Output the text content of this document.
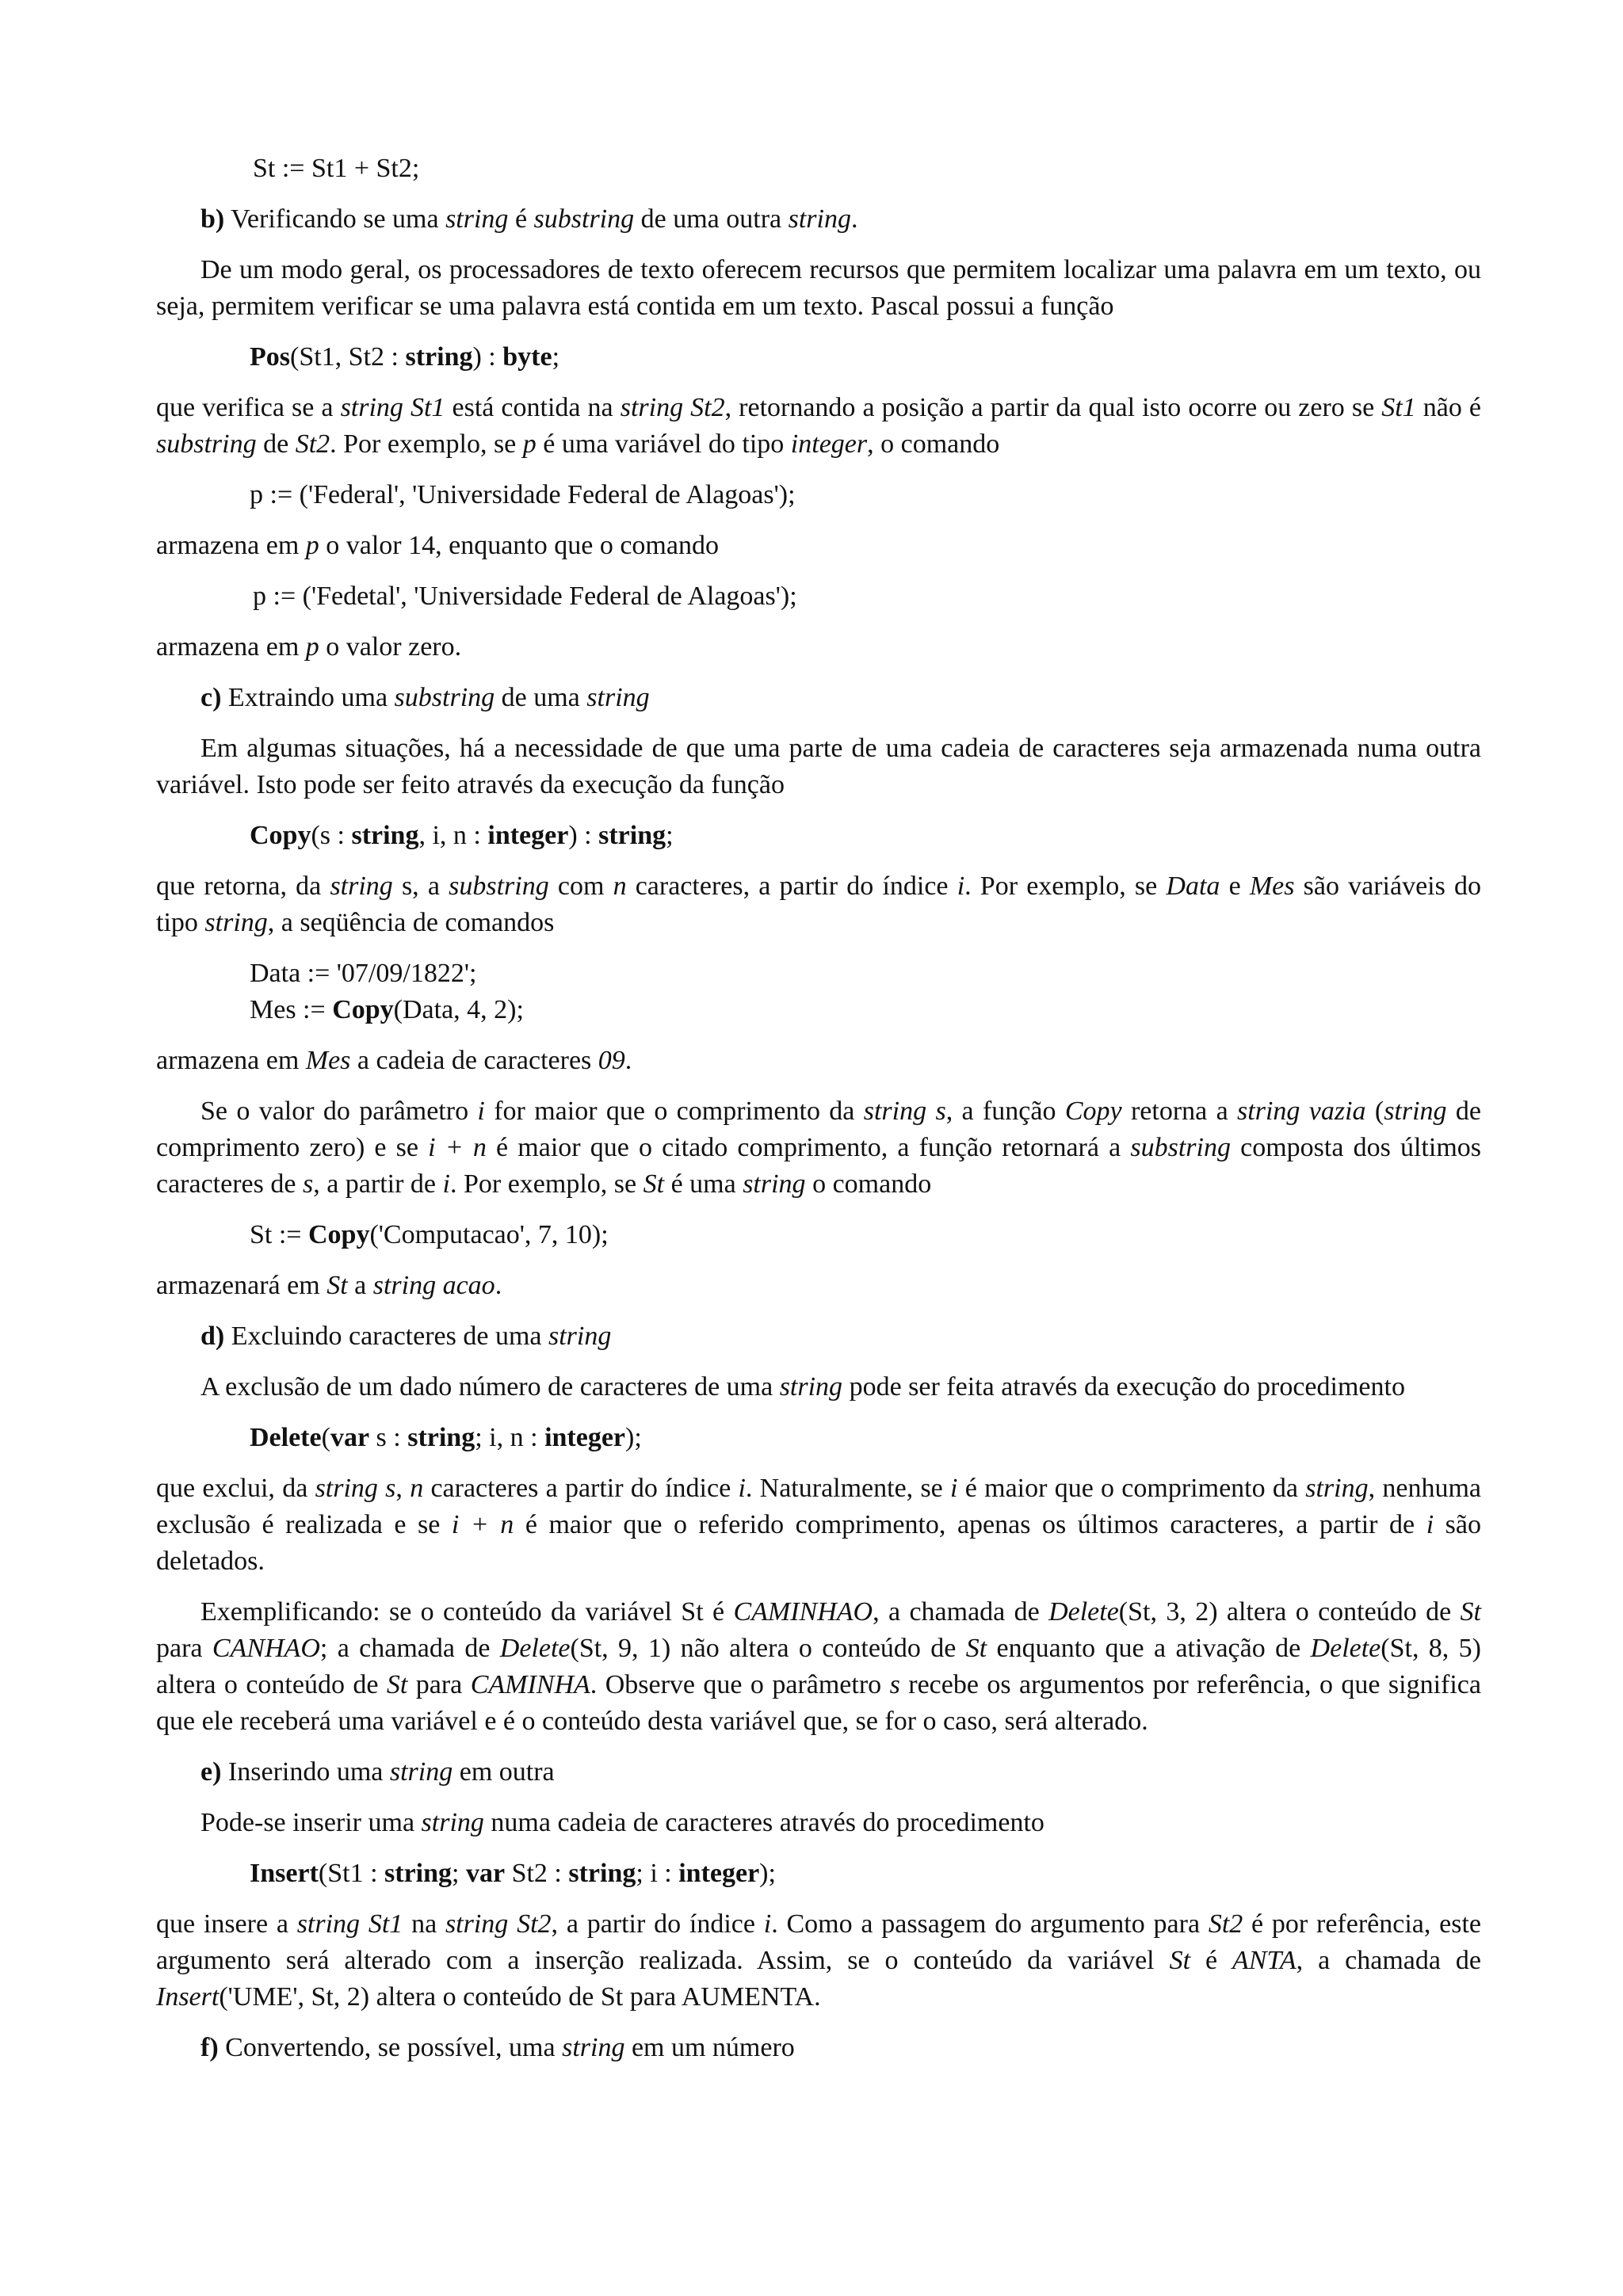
St := St1 + St2;

b) Verificando se uma string é substring de uma outra string.

De um modo geral, os processadores de texto oferecem recursos que permitem localizar uma palavra em um texto, ou seja, permitem verificar se uma palavra está contida em um texto. Pascal possui a função

Pos(St1, St2 : string) : byte;

que verifica se a string St1 está contida na string St2, retornando a posição a partir da qual isto ocorre ou zero se St1 não é substring de St2. Por exemplo, se p é uma variável do tipo integer, o comando

p := ('Federal', 'Universidade Federal de Alagoas');

armazena em p o valor 14, enquanto que o comando

p := ('Fedetal', 'Universidade Federal de Alagoas');

armazena em p o valor zero.

c) Extraindo uma substring de uma string

Em algumas situações, há a necessidade de que uma parte de uma cadeia de caracteres seja armazenada numa outra variável. Isto pode ser feito através da execução da função

Copy(s : string, i, n : integer) : string;

que retorna, da string s, a substring com n caracteres, a partir do índice i. Por exemplo, se Data e Mes são variáveis do tipo string, a seqüência de comandos

Data := '07/09/1822';

Mes := Copy(Data, 4, 2);

armazena em Mes a cadeia de caracteres 09.

Se o valor do parâmetro i for maior que o comprimento da string s, a função Copy retorna a string vazia (string de comprimento zero) e se i + n é maior que o citado comprimento, a função retornará a substring composta dos últimos caracteres de s, a partir de i. Por exemplo, se St é uma string o comando

St := Copy('Computacao', 7, 10);

armazenará em St a string acao.

d) Excluindo caracteres de uma string

A exclusão de um dado número de caracteres de uma string pode ser feita através da execução do procedimento

Delete(var s : string; i, n : integer);

que exclui, da string s, n caracteres a partir do índice i. Naturalmente, se i é maior que o comprimento da string, nenhuma exclusão é realizada e se i + n é maior que o referido comprimento, apenas os últimos caracteres, a partir de i são deletados.

Exemplificando: se o conteúdo da variável St é CAMINHAO, a chamada de Delete(St, 3, 2) altera o conteúdo de St para CANHAO; a chamada de Delete(St, 9, 1) não altera o conteúdo de St enquanto que a ativação de Delete(St, 8, 5) altera o conteúdo de St para CAMINHA. Observe que o parâmetro s recebe os argumentos por referência, o que significa que ele receberá uma variável e é o conteúdo desta variável que, se for o caso, será alterado.

e) Inserindo uma string em outra

Pode-se inserir uma string numa cadeia de caracteres através do procedimento

Insert(St1 : string; var St2 : string; i : integer);

que insere a string St1 na string St2, a partir do índice i. Como a passagem do argumento para St2 é por referência, este argumento será alterado com a inserção realizada. Assim, se o conteúdo da variável St é ANTA, a chamada de Insert('UME', St, 2) altera o conteúdo de St para AUMENTA.

f) Convertendo, se possível, uma string em um número
